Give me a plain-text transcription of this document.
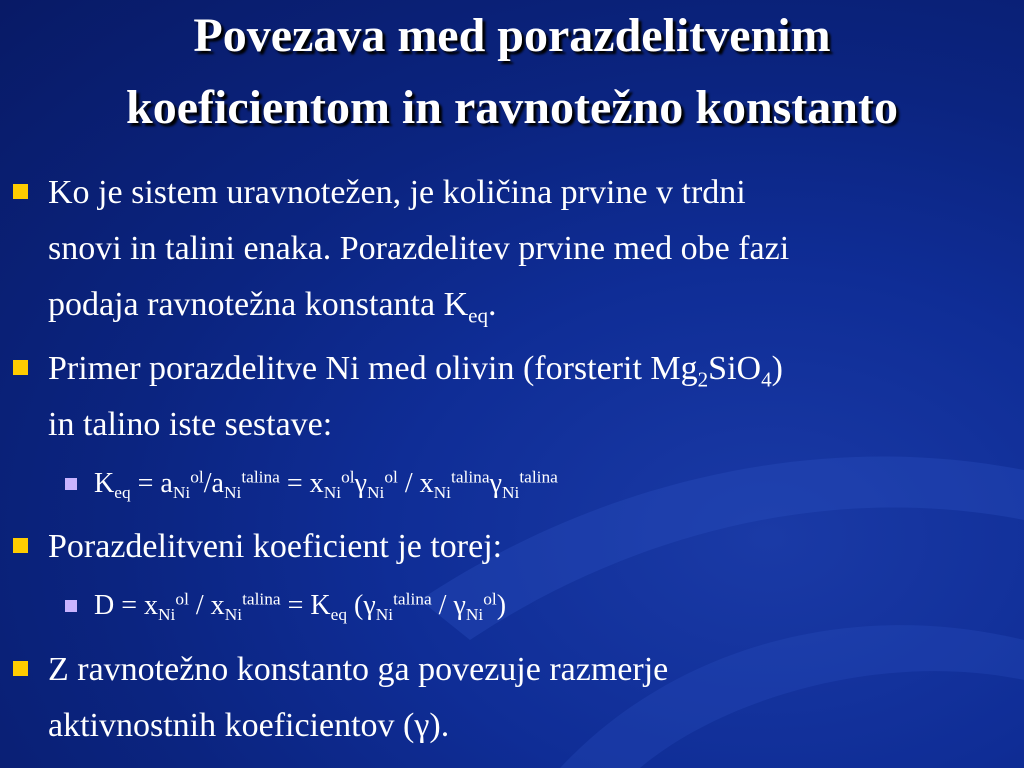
Povezava med porazdelitvenim
koeficientom in ravnotežno konstanto
Ko je sistem uravnotežen, je količina prvine v trdni
snovi in talini enaka. Porazdelitev prvine med obe fazi
podaja ravnotežna konstanta $K_{eq}$.
Primer porazdelitve Ni med olivin (forsterit $Mg_2SiO_4$)
in talino iste sestave:
$K_{eq} = a_{Ni}^{ol}/a_{Ni}^{talina} = x_{Ni}^{ol}\gamma_{Ni}^{ol} / x_{Ni}^{talina}\gamma_{Ni}^{talina}$
Porazdelitveni koeficient je torej:
$D = x_{Ni}^{ol} / x_{Ni}^{talina} = K_{eq}$ $(\gamma_{Ni}^{talina} / \gamma_{Ni}^{ol})$
Z ravnotežno konstanto ga povezuje razmerje
aktivnostnih koeficientov (γ).
